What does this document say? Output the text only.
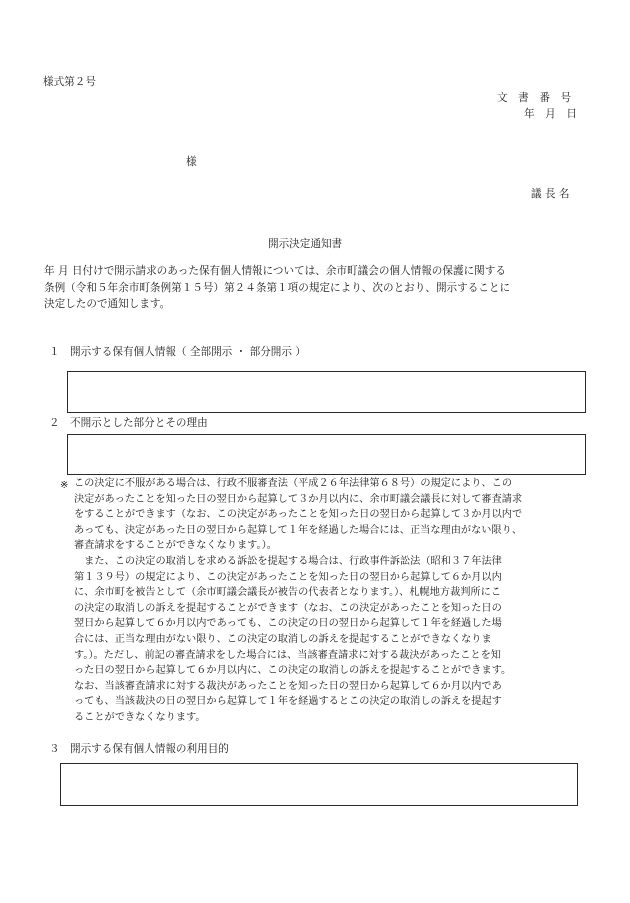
様式第２号
文　書　番　号
年　月　日
様
議 長 名
開示決定通知書
年 月 日付けで開示請求のあった保有個人情報については、余市町議会の個人情報の保護に関する
条例（令和５年余市町条例第１５号）第２４条第１項の規定により、次のとおり、開示することに
決定したので通知します。
１ 開示する保有個人情報（ 全部開示 ・ 部分開示 ）
２ 不開示とした部分とその理由
※ この決定に不服がある場合は、行政不服審査法（平成２６年法律第６８号）の規定により、この
決定があったことを知った日の翌日から起算して３か月以内に、余市町議会議長に対して審査請求
をすることができます（なお、この決定があったことを知った日の翌日から起算して３か月以内で
あっても、決定があった日の翌日から起算して１年を経過した場合には、正当な理由がない限り、
審査請求をすることができなくなります。）。
　また、この決定の取消しを求める訴訟を提起する場合は、行政事件訴訟法（昭和３７年法律
第１３９号）の規定により、この決定があったことを知った日の翌日から起算して６か月以内
に、余市町を被告として（余市町議会議長が被告の代表者となります。）、札幌地方裁判所にこ
の決定の取消しの訴えを提起することができます（なお、この決定があったことを知った日の
翌日から起算して６か月以内であっても、この決定の日の翌日から起算して１年を経過した場
合には、正当な理由がない限り、この決定の取消しの訴えを提起することができなくなりま
す。）。ただし、前記の審査請求をした場合には、当該審査請求に対する裁決があったことを知
った日の翌日から起算して６か月以内に、この決定の取消しの訴えを提起することができます。
なお、当該審査請求に対する裁決があったことを知った日の翌日から起算して６か月以内であ
っても、当該裁決の日の翌日から起算して１年を経過するとこの決定の取消しの訴えを提起す
ることができなくなります。
３ 開示する保有個人情報の利用目的
